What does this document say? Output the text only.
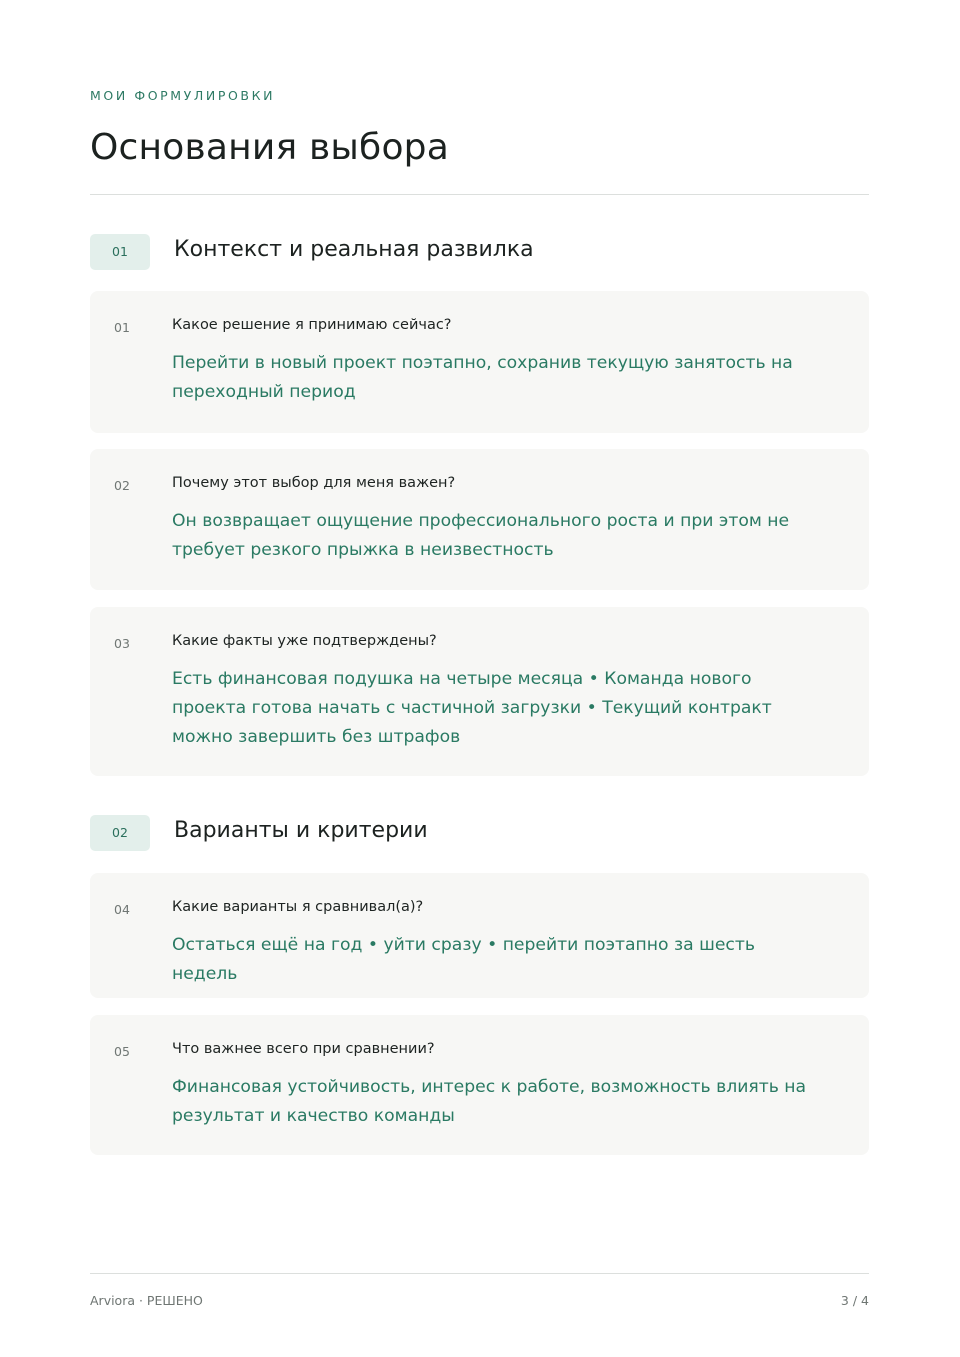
МОИ ФОРМУЛИРОВКИ
Основания выбора
01	Контекст и реальная развилка
01	Какое решение я принимаю сейчас?
Перейти в новый проект поэтапно, сохранив текущую занятость на переходный период
02	Почему этот выбор для меня важен?
Он возвращает ощущение профессионального роста и при этом не требует резкого прыжка в неизвестность
03	Какие факты уже подтверждены?
Есть финансовая подушка на четыре месяца • Команда нового проекта готова начать с частичной загрузки • Текущий контракт можно завершить без штрафов
02	Варианты и критерии
04	Какие варианты я сравнивал(а)?
Остаться ещё на год • уйти сразу • перейти поэтапно за шесть недель
05	Что важнее всего при сравнении?
Финансовая устойчивость, интерес к работе, возможность влиять на результат и качество команды
Arviora · РЕШЕНО	3 / 4
